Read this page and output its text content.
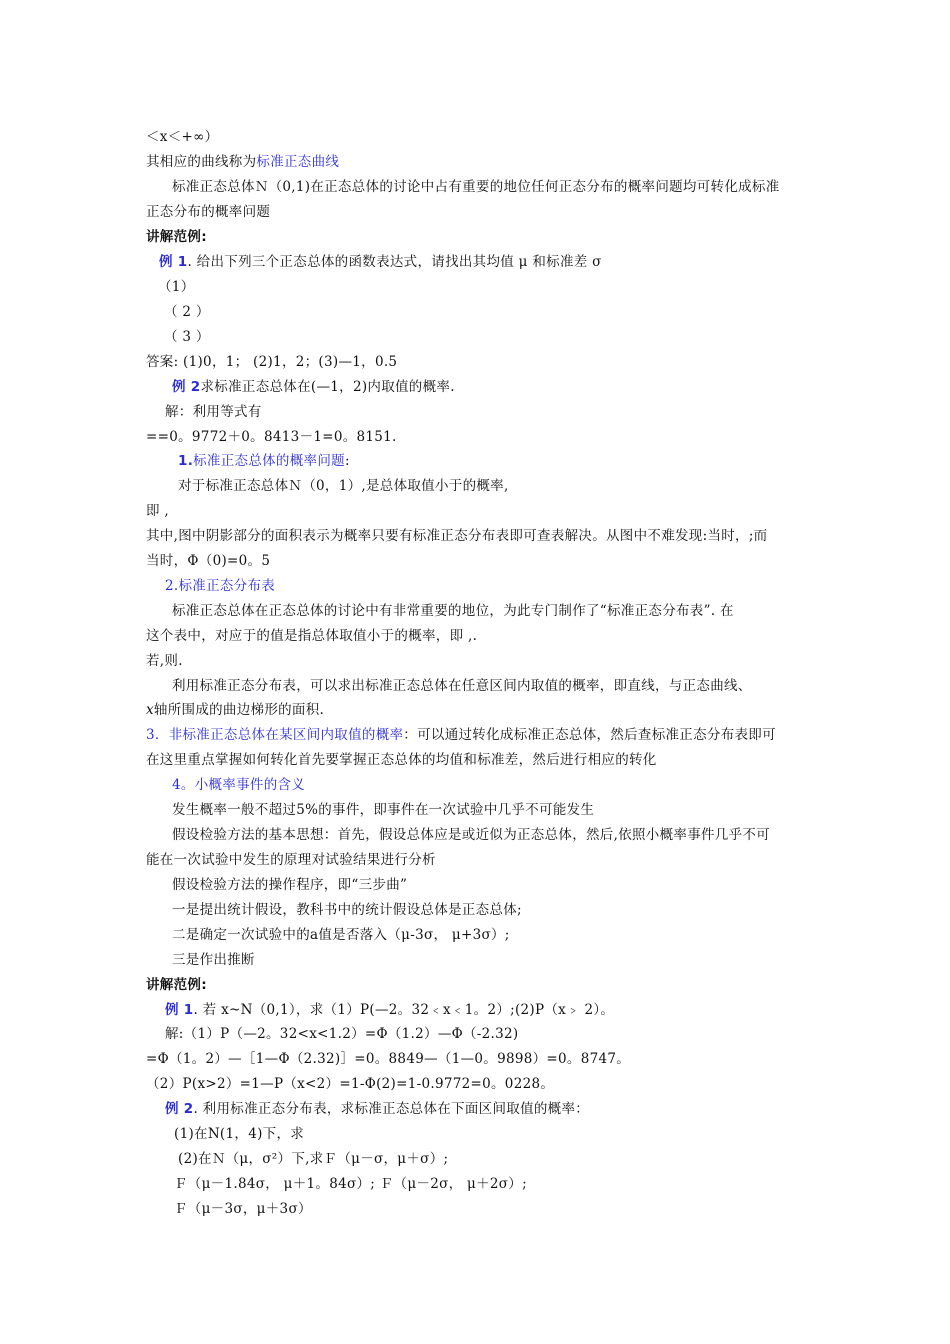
＜x＜+∞）
其相应的曲线称为标准正态曲线
标准正态总体Ｎ（0,1)在正态总体的讨论中占有重要的地位任何正态分布的概率问题均可转化成标准
正态分布的概率问题
讲解范例:
例 1. 给出下列三个正态总体的函数表达式，请找出其均值 μ 和标准差 σ
（1）
（ 2 ）
（ 3 ）
答案: (1)0，1； (2)1，2；(3)—1，0.5
例 2求标准正态总体在(—1，2)内取值的概率.
解：利用等式有
==0。9772＋0。8413－1=0。8151.
1.标准正态总体的概率问题:
对于标准正态总体Ｎ（0，1）,是总体取值小于的概率,
即 ,
其中,图中阴影部分的面积表示为概率只要有标准正态分布表即可查表解决。从图中不难发现:当时，;而
当时，Φ（0)=0。5
2.标准正态分布表
标准正态总体在正态总体的讨论中有非常重要的地位，为此专门制作了“标准正态分布表”. 在
这个表中，对应于的值是指总体取值小于的概率，即 ,.
若,则.
利用标准正态分布表，可以求出标准正态总体在任意区间内取值的概率，即直线，与正态曲线、
x轴所围成的曲边梯形的面积.
3．非标准正态总体在某区间内取值的概率：可以通过转化成标准正态总体，然后查标准正态分布表即可
在这里重点掌握如何转化首先要掌握正态总体的均值和标准差，然后进行相应的转化
4。小概率事件的含义
发生概率一般不超过5%的事件，即事件在一次试验中几乎不可能发生
假设检验方法的基本思想：首先，假设总体应是或近似为正态总体，然后,依照小概率事件几乎不可
能在一次试验中发生的原理对试验结果进行分析
假设检验方法的操作程序，即“三步曲”
一是提出统计假设，教科书中的统计假设总体是正态总体;
二是确定一次试验中的a值是否落入（μ-3σ， μ+3σ）;
三是作出推断
讲解范例:
例 1. 若 x~N（0,1），求（1）P(—2。32﹤x﹤1。2）;(2)P（x﹥ 2）。
解:（1）P（—2。32<x<1.2）=Φ（1.2）—Φ（-2.32)
=Φ（1。2）—［1—Φ（2.32)］=0。8849—（1—0。9898）=0。8747。
（2）P(x>2）=1—P（x<2）=1-Φ(2)=1-0.9772=0。0228。
例 2. 利用标准正态分布表，求标准正态总体在下面区间取值的概率：
(1)在N(1，4)下，求
(2)在Ｎ（μ，σ²）下,求Ｆ（μ－σ，μ＋σ）;
Ｆ（μ－1.84σ， μ＋1。84σ）; Ｆ（μ－2σ， μ＋2σ）;
Ｆ（μ－3σ，μ＋3σ）
